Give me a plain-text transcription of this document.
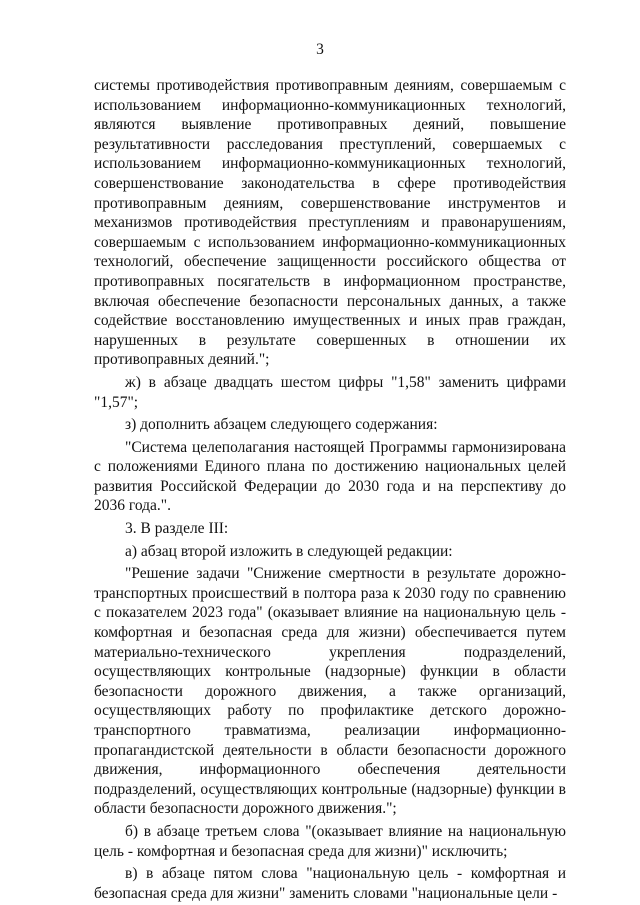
3

системы противодействия противоправным деяниям, совершаемым с использованием информационно-коммуникационных технологий, являются выявление противоправных деяний, повышение результативности расследования преступлений, совершаемых с использованием информационно-коммуникационных технологий, совершенствование законодательства в сфере противодействия противоправным деяниям, совершенствование инструментов и механизмов противодействия преступлениям и правонарушениям, совершаемым с использованием информационно-коммуникационных технологий, обеспечение защищенности российского общества от противоправных посягательств в информационном пространстве, включая обеспечение безопасности персональных данных, а также содействие восстановлению имущественных и иных прав граждан, нарушенных в результате совершенных в отношении их противоправных деяний.";

ж) в абзаце двадцать шестом цифры "1,58" заменить цифрами "1,57";

з) дополнить абзацем следующего содержания:

"Система целеполагания настоящей Программы гармонизирована с положениями Единого плана по достижению национальных целей развития Российской Федерации до 2030 года и на перспективу до 2036 года.".

3. В разделе III:

а) абзац второй изложить в следующей редакции:

"Решение задачи "Снижение смертности в результате дорожно-транспортных происшествий в полтора раза к 2030 году по сравнению с показателем 2023 года" (оказывает влияние на национальную цель - комфортная и безопасная среда для жизни) обеспечивается путем материально-технического укрепления подразделений, осуществляющих контрольные (надзорные) функции в области безопасности дорожного движения, а также организаций, осуществляющих работу по профилактике детского дорожно-транспортного травматизма, реализации информационно-пропагандистской деятельности в области безопасности дорожного движения, информационного обеспечения деятельности подразделений, осуществляющих контрольные (надзорные) функции в области безопасности дорожного движения.";

б) в абзаце третьем слова "(оказывает влияние на национальную цель - комфортная и безопасная среда для жизни)" исключить;

в) в абзаце пятом слова "национальную цель - комфортная и безопасная среда для жизни" заменить словами "национальные цели -
